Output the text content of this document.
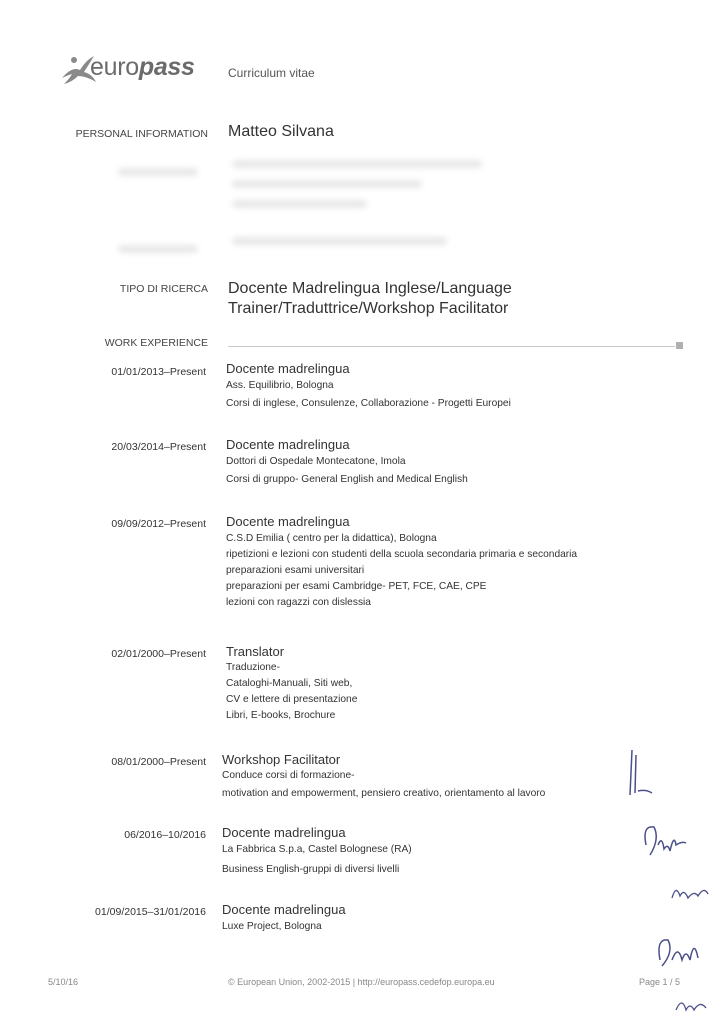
europass	Curriculum vitae
PERSONAL INFORMATION Matteo Silvana
TIPO DI RICERCA Docente Madrelingua Inglese/Language
Trainer/Traduttrice/Workshop Facilitator
WORK EXPERIENCE
01/01/2013–Present Docente madrelingua
Ass. Equilibrio, Bologna
Corsi di inglese, Consulenze, Collaborazione - Progetti Europei
20/03/2014–Present Docente madrelingua
Dottori di Ospedale Montecatone, Imola
Corsi di gruppo- General English and Medical English
09/09/2012–Present Docente madrelingua
C.S.D Emilia ( centro per la didattica), Bologna
ripetizioni e lezioni con studenti della scuola secondaria primaria e secondaria
preparazioni esami universitari
preparazioni per esami Cambridge- PET, FCE, CAE, CPE
lezioni con ragazzi con dislessia
02/01/2000–Present Translator
Traduzione-
Cataloghi-Manuali, Siti web,
CV e lettere di presentazione
Libri, E-books, Brochure
08/01/2000–Present Workshop Facilitator
Conduce corsi di formazione-
motivation and empowerment, pensiero creativo, orientamento al lavoro
06/2016–10/2016 Docente madrelingua
La Fabbrica S.p.a, Castel Bolognese (RA)
Business English-gruppi di diversi livelli
01/09/2015–31/01/2016 Docente madrelingua
Luxe Project, Bologna
5/10/16	© European Union, 2002-2015 | http://europass.cedefop.europa.eu	Page 1 / 5
